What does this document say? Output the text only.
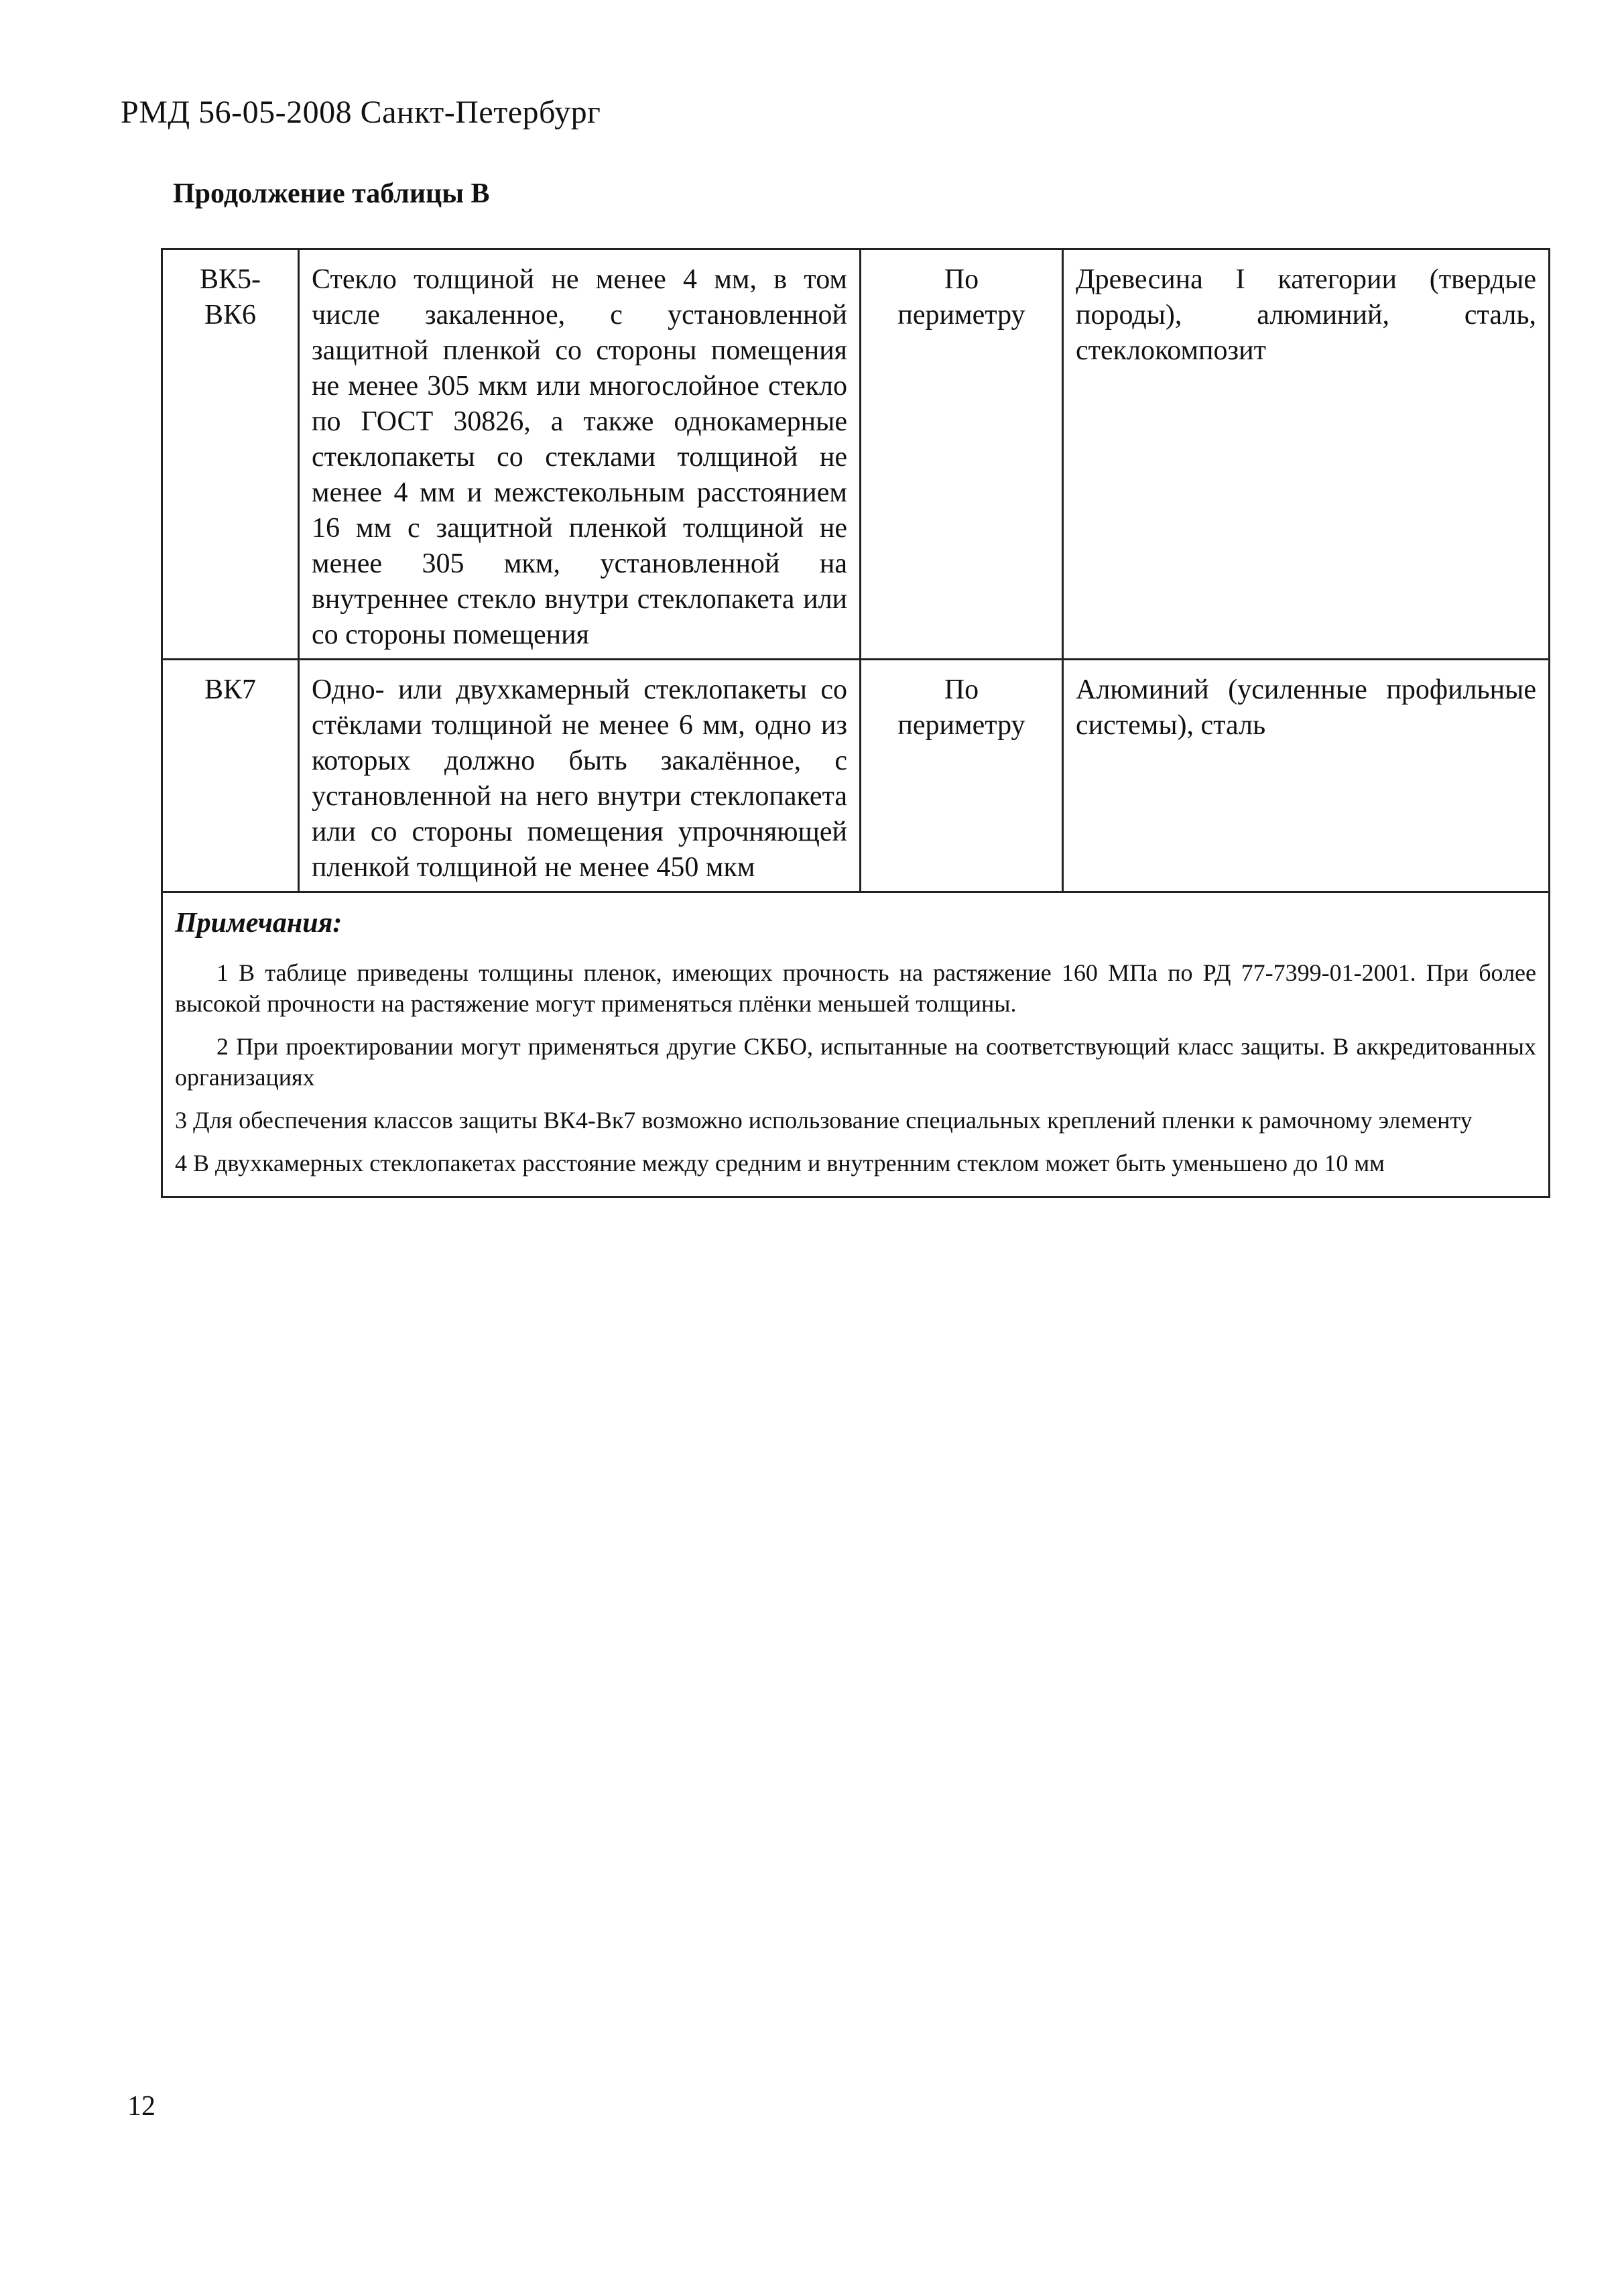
РМД 56-05-2008 Санкт-Петербург
Продолжение таблицы В
ВК5-ВК6	Стекло толщиной не менее 4 мм, в том числе закаленное, с установленной защитной пленкой со стороны помещения не менее 305 мкм или многослойное стекло по ГОСТ 30826, а также однокамерные стеклопакеты со стеклами толщиной не менее 4 мм и межстекольным расстоянием 16 мм с защитной пленкой толщиной не менее 305 мкм, установленной на внутреннее стекло внутри стеклопакета или со стороны помещения	По периметру	Древесина I категории (твердые породы), алюминий, сталь, стеклокомпозит
ВК7	Одно- или двухкамерный стеклопакеты со стёклами толщиной не менее 6 мм, одно из которых должно быть закалённое, с установленной на него внутри стеклопакета или со стороны помещения упрочняющей пленкой толщиной не менее 450 мкм	По периметру	Алюминий (усиленные профильные системы), сталь

Примечания:
1 В таблице приведены толщины пленок, имеющих прочность на растяжение 160 МПа по РД 77-7399-01-2001. При более высокой прочности на растяжение могут применяться плёнки меньшей толщины.
2 При проектировании могут применяться другие СКБО, испытанные на соответствующий класс защиты. В аккредитованных организациях
3 Для обеспечения классов защиты ВК4-Вк7 возможно использование специальных креплений пленки к рамочному элементу
4 В двухкамерных стеклопакетах расстояние между средним и внутренним стеклом может быть уменьшено до 10 мм			
12
